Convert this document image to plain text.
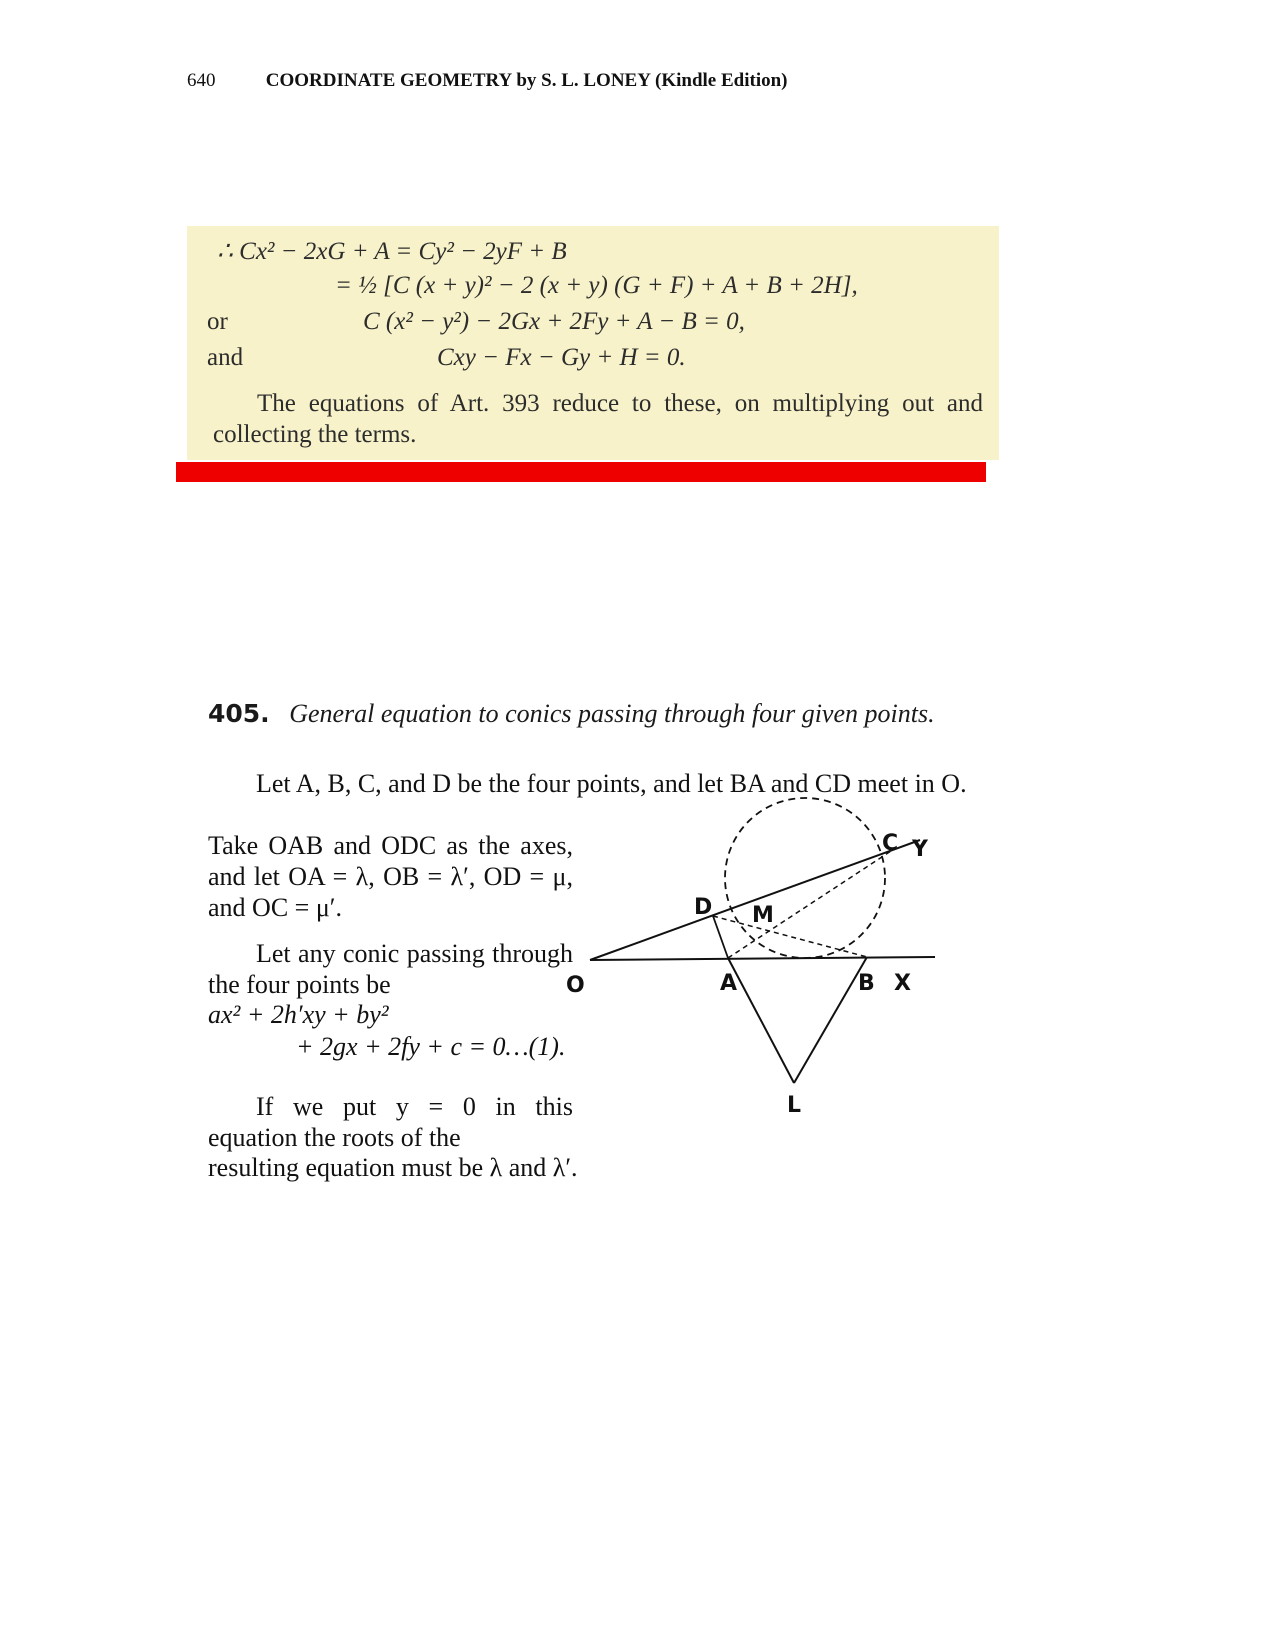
640	COORDINATE GEOMETRY by S. L. LONEY (Kindle Edition)
∴ Cx² − 2xG + A = Cy² − 2yF + B
= ½ [C (x + y)² − 2 (x + y) (G + F) + A + B + 2H],
or	C (x² − y²) − 2Gx + 2Fy + A − B = 0,
and	Cxy − Fx − Gy + H = 0.
The equations of Art. 393 reduce to these, on multiplying out and collecting the terms.
405. General equation to conics passing through four given points.
Let A, B, C, and D be the four points, and let BA and CD meet in O.
Take OAB and ODC as the axes, and let OA = λ, OB = λ′, OD = μ, and OC = μ′.
Let any conic passing through the four points be
ax² + 2h′xy + by²
+ 2gx + 2fy + c = 0…(1).
If we put y = 0 in this equation the roots of the
resulting equation must be λ and λ′.
O	A	B X
C Y
D M
L
